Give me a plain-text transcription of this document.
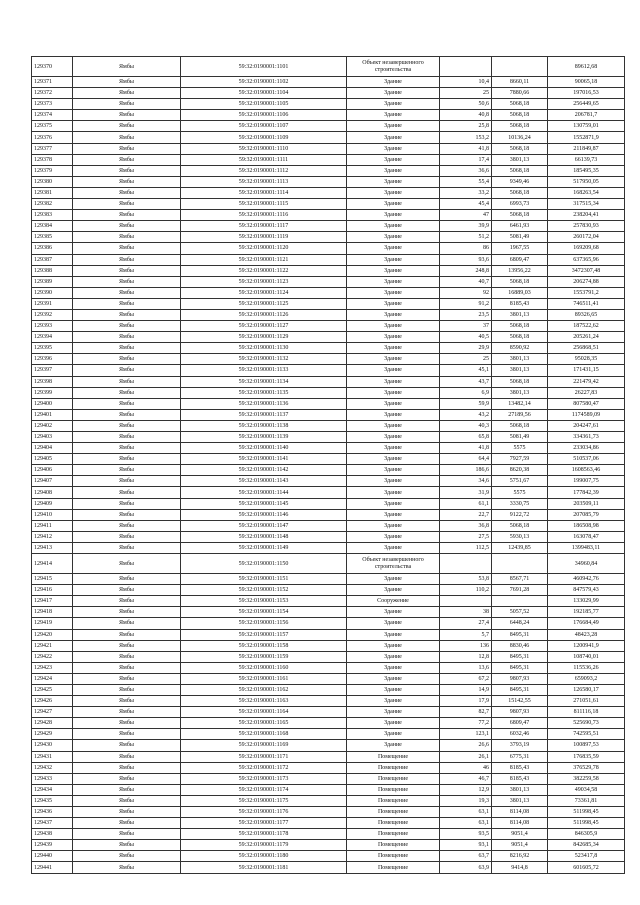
129370	Ямбы	59:32:0190001:1101	Объект незавершенного строительства			89612,68
129371	Ямбы	59:32:0190001:1102	Здание	10,4	8660,11	90065,18
129372	Ямбы	59:32:0190001:1104	Здание	25	7880,66	197016,53
129373	Ямбы	59:32:0190001:1105	Здание	50,6	5068,18	256449,65
129374	Ямбы	59:32:0190001:1106	Здание	40,8	5068,18	206781,7
129375	Ямбы	59:32:0190001:1107	Здание	25,8	5068,18	130759,01
129376	Ямбы	59:32:0190001:1109	Здание	153,2	10136,24	1552871,9
129377	Ямбы	59:32:0190001:1110	Здание	41,8	5068,18	211849,87
129378	Ямбы	59:32:0190001:1111	Здание	17,4	3801,13	66139,73
129379	Ямбы	59:32:0190001:1112	Здание	36,6	5068,18	185495,35
129380	Ямбы	59:32:0190001:1113	Здание	55,4	9349,46	517950,05
129381	Ямбы	59:32:0190001:1114	Здание	33,2	5068,18	168263,54
129382	Ямбы	59:32:0190001:1115	Здание	45,4	6993,73	317515,34
129383	Ямбы	59:32:0190001:1116	Здание	47	5068,18	238204,41
129384	Ямбы	59:32:0190001:1117	Здание	39,9	6461,93	257830,93
129385	Ямбы	59:32:0190001:1119	Здание	51,2	5081,49	260172,04
129386	Ямбы	59:32:0190001:1120	Здание	86	1967,55	169209,68
129387	Ямбы	59:32:0190001:1121	Здание	93,6	6809,47	637365,96
129388	Ямбы	59:32:0190001:1122	Здание	248,8	13956,22	3472307,48
129389	Ямбы	59:32:0190001:1123	Здание	40,7	5068,18	206274,88
129390	Ямбы	59:32:0190001:1124	Здание	92	16889,03	1553791,2
129391	Ямбы	59:32:0190001:1125	Здание	91,2	8185,43	746511,41
129392	Ямбы	59:32:0190001:1126	Здание	23,5	3801,13	89326,65
129393	Ямбы	59:32:0190001:1127	Здание	37	5068,18	187522,62
129394	Ямбы	59:32:0190001:1129	Здание	40,5	5068,18	205261,24
129395	Ямбы	59:32:0190001:1130	Здание	29,9	8590,92	256868,51
129396	Ямбы	59:32:0190001:1132	Здание	25	3801,13	95028,35
129397	Ямбы	59:32:0190001:1133	Здание	45,1	3801,13	171431,15
129398	Ямбы	59:32:0190001:1134	Здание	43,7	5068,18	221479,42
129399	Ямбы	59:32:0190001:1135	Здание	6,9	3801,13	26227,83
129400	Ямбы	59:32:0190001:1136	Здание	59,9	13482,14	807580,47
129401	Ямбы	59:32:0190001:1137	Здание	43,2	27189,56	1174589,09
129402	Ямбы	59:32:0190001:1138	Здание	40,3	5068,18	204247,61
129403	Ямбы	59:32:0190001:1139	Здание	65,8	5081,49	334361,73
129404	Ямбы	59:32:0190001:1140	Здание	41,8	5575	233034,86
129405	Ямбы	59:32:0190001:1141	Здание	64,4	7927,59	510537,06
129406	Ямбы	59:32:0190001:1142	Здание	186,6	8620,38	1608563,46
129407	Ямбы	59:32:0190001:1143	Здание	34,6	5751,67	199007,75
129408	Ямбы	59:32:0190001:1144	Здание	31,9	5575	177842,39
129409	Ямбы	59:32:0190001:1145	Здание	61,1	3330,75	203509,11
129410	Ямбы	59:32:0190001:1146	Здание	22,7	9122,72	207085,79
129411	Ямбы	59:32:0190001:1147	Здание	36,8	5068,18	186508,98
129412	Ямбы	59:32:0190001:1148	Здание	27,5	5930,13	163078,47
129413	Ямбы	59:32:0190001:1149	Здание	112,5	12439,85	1399483,11
129414	Ямбы	59:32:0190001:1150	Объект незавершенного строительства			34960,84
129415	Ямбы	59:32:0190001:1151	Здание	53,8	8567,71	460942,76
129416	Ямбы	59:32:0190001:1152	Здание	110,2	7691,28	847579,43
129417	Ямбы	59:32:0190001:1153	Сооружение			133029,99
129418	Ямбы	59:32:0190001:1154	Здание	38	5057,52	192185,77
129419	Ямбы	59:32:0190001:1156	Здание	27,4	6448,24	176684,49
129420	Ямбы	59:32:0190001:1157	Здание	5,7	8495,31	48423,28
129421	Ямбы	59:32:0190001:1158	Здание	136	8830,46	1200941,9
129422	Ямбы	59:32:0190001:1159	Здание	12,8	8495,31	108740,01
129423	Ямбы	59:32:0190001:1160	Здание	13,6	8495,31	115536,26
129424	Ямбы	59:32:0190001:1161	Здание	67,2	9807,93	659093,2
129425	Ямбы	59:32:0190001:1162	Здание	14,9	8495,31	126580,17
129426	Ямбы	59:32:0190001:1163	Здание	17,9	15142,55	271051,61
129427	Ямбы	59:32:0190001:1164	Здание	82,7	9807,93	811116,18
129428	Ямбы	59:32:0190001:1165	Здание	77,2	6809,47	525690,73
129429	Ямбы	59:32:0190001:1168	Здание	123,1	6032,46	742595,51
129430	Ямбы	59:32:0190001:1169	Здание	26,6	3793,19	100897,53
129431	Ямбы	59:32:0190001:1171	Помещение	26,1	6775,31	176835,59
129432	Ямбы	59:32:0190001:1172	Помещение	46	8185,43	376529,78
129433	Ямбы	59:32:0190001:1173	Помещение	46,7	8185,43	382259,58
129434	Ямбы	59:32:0190001:1174	Помещение	12,9	3801,13	49034,58
129435	Ямбы	59:32:0190001:1175	Помещение	19,3	3801,13	73361,81
129436	Ямбы	59:32:0190001:1176	Помещение	63,1	8114,08	511998,45
129437	Ямбы	59:32:0190001:1177	Помещение	63,1	8114,08	511998,45
129438	Ямбы	59:32:0190001:1178	Помещение	93,5	9051,4	846305,9
129439	Ямбы	59:32:0190001:1179	Помещение	93,1	9051,4	842685,34
129440	Ямбы	59:32:0190001:1180	Помещение	63,7	8216,92	523417,8
129441	Ямбы	59:32:0190001:1181	Помещение	63,9	9414,8	601605,72
